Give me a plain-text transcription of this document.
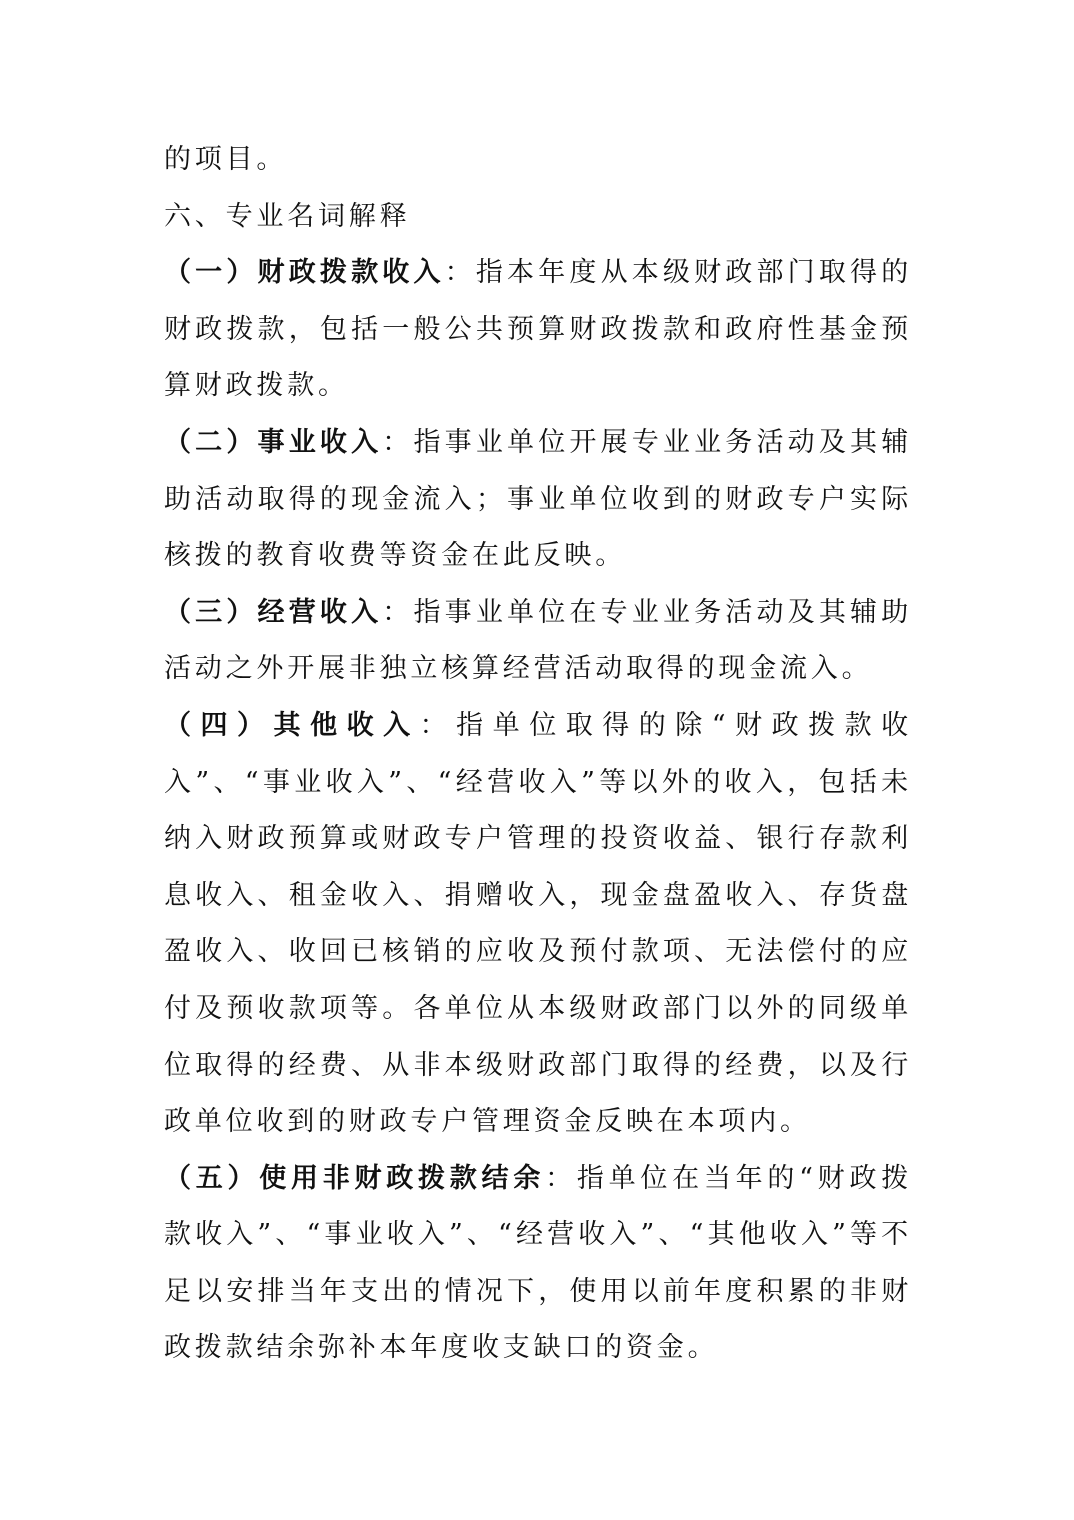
的项目。

六、专业名词解释

（一）财政拨款收入：指本年度从本级财政部门取得的财政拨款，包括一般公共预算财政拨款和政府性基金预算财政拨款。

（二）事业收入：指事业单位开展专业业务活动及其辅助活动取得的现金流入；事业单位收到的财政专户实际核拨的教育收费等资金在此反映。

（三）经营收入：指事业单位在专业业务活动及其辅助活动之外开展非独立核算经营活动取得的现金流入。

（四）其他收入：指单位取得的除“财政拨款收入”、“事业收入”、“经营收入”等以外的收入，包括未纳入财政预算或财政专户管理的投资收益、银行存款利息收入、租金收入、捐赠收入，现金盘盈收入、存货盘盈收入、收回已核销的应收及预付款项、无法偿付的应付及预收款项等。各单位从本级财政部门以外的同级单位取得的经费、从非本级财政部门取得的经费，以及行政单位收到的财政专户管理资金反映在本项内。

（五）使用非财政拨款结余：指单位在当年的“财政拨款收入”、“事业收入”、“经营收入”、“其他收入”等不足以安排当年支出的情况下，使用以前年度积累的非财政拨款结余弥补本年度收支缺口的资金。
